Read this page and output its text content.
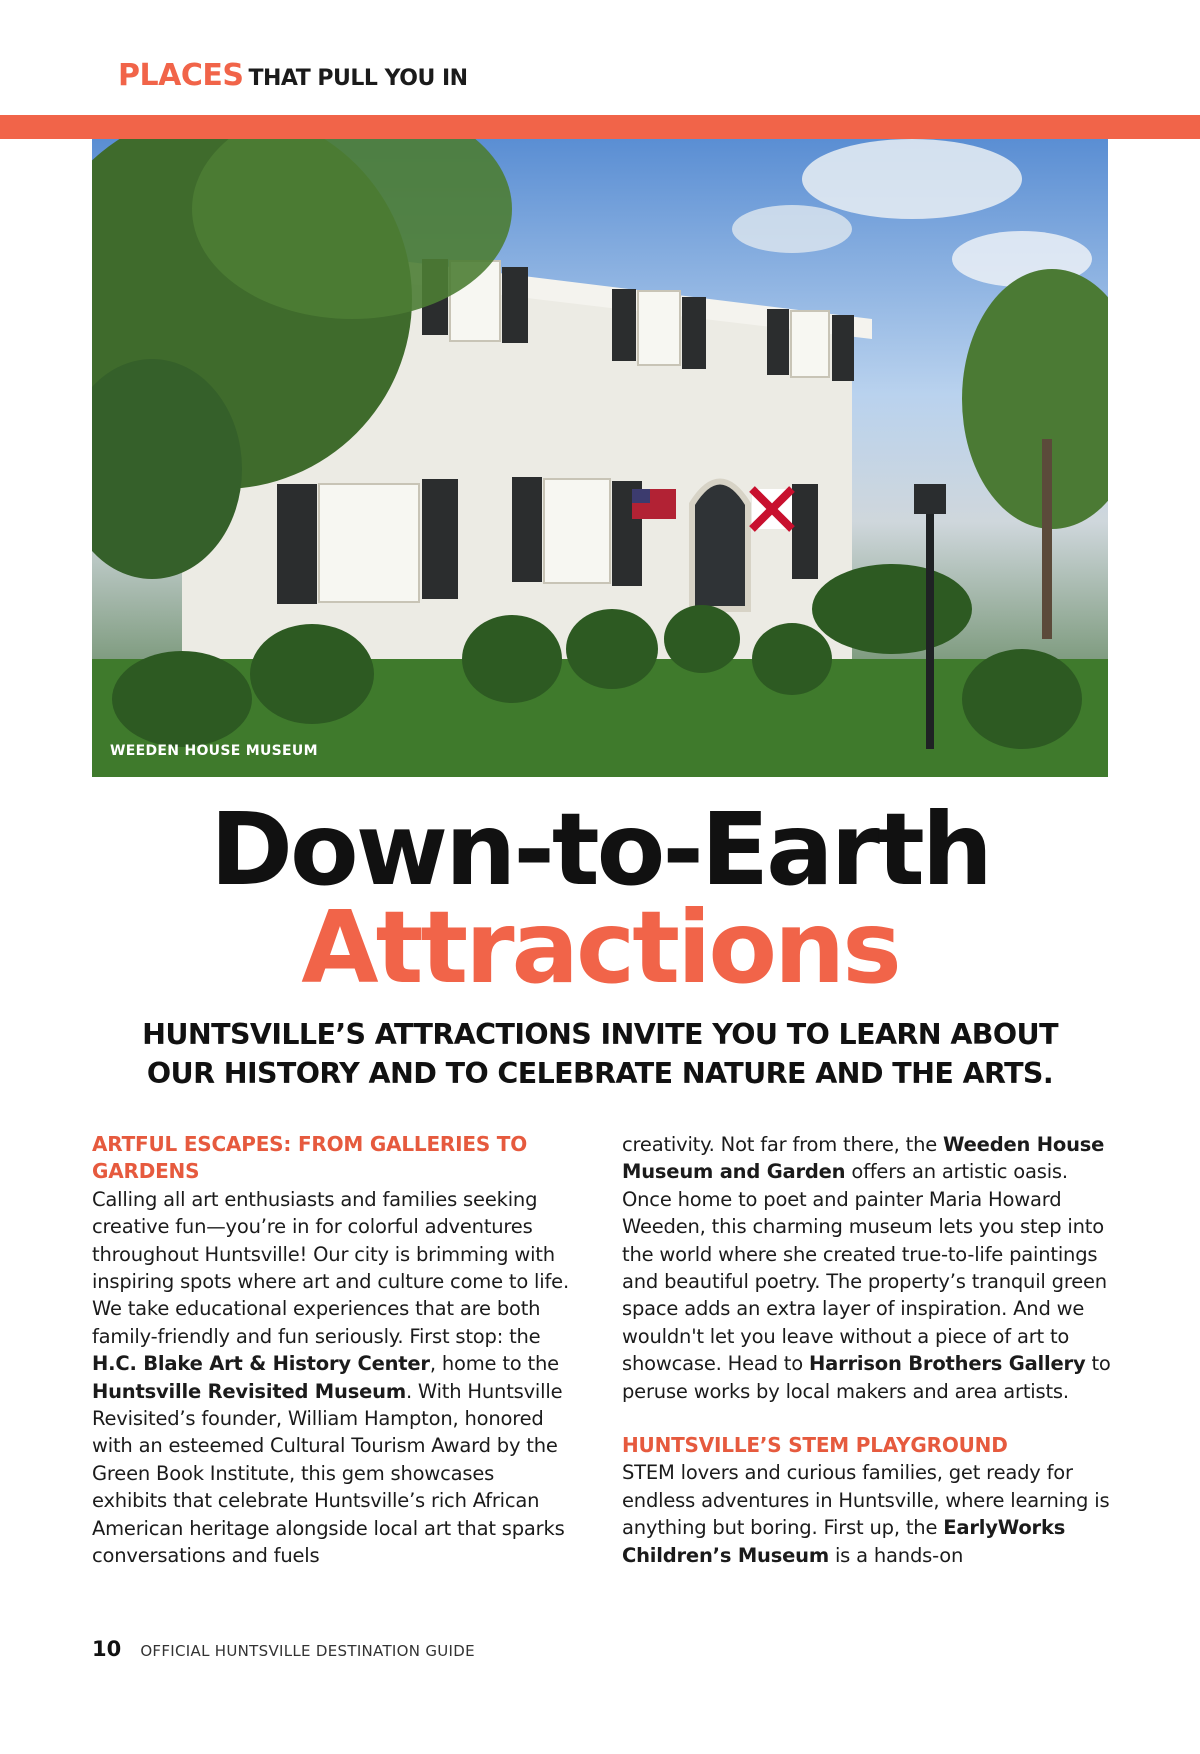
PLACES THAT PULL YOU IN
WEEDEN HOUSE MUSEUM
Down-to-Earth
Attractions
HUNTSVILLE’S ATTRACTIONS INVITE YOU TO LEARN ABOUT OUR HISTORY AND TO CELEBRATE NATURE AND THE ARTS.

ARTFUL ESCAPES: FROM GALLERIES TO GARDENS

Calling all art enthusiasts and families seeking creative fun—you’re in for colorful adventures throughout Huntsville! Our city is brimming with inspiring spots where art and culture come to life. We take educational experiences that are both family-friendly and fun seriously. First stop: the H.C. Blake Art & History Center, home to the Huntsville Revisited Museum. With Huntsville Revisited’s founder, William Hampton, honored with an esteemed Cultural Tourism Award by the Green Book Institute, this gem showcases exhibits that celebrate Huntsville’s rich African American heritage alongside local art that sparks conversations and fuels

creativity. Not far from there, the Weeden House Museum and Garden offers an artistic oasis. Once home to poet and painter Maria Howard Weeden, this charming museum lets you step into the world where she created true-to-life paintings and beautiful poetry. The property’s tranquil green space adds an extra layer of inspiration. And we wouldn't let you leave without a piece of art to showcase. Head to Harrison Brothers Gallery to peruse works by local makers and area artists.

HUNTSVILLE’S STEM PLAYGROUND

STEM lovers and curious families, get ready for endless adventures in Huntsville, where learning is anything but boring. First up, the EarlyWorks Children’s Museum is a hands-on

10 OFFICIAL HUNTSVILLE DESTINATION GUIDE
